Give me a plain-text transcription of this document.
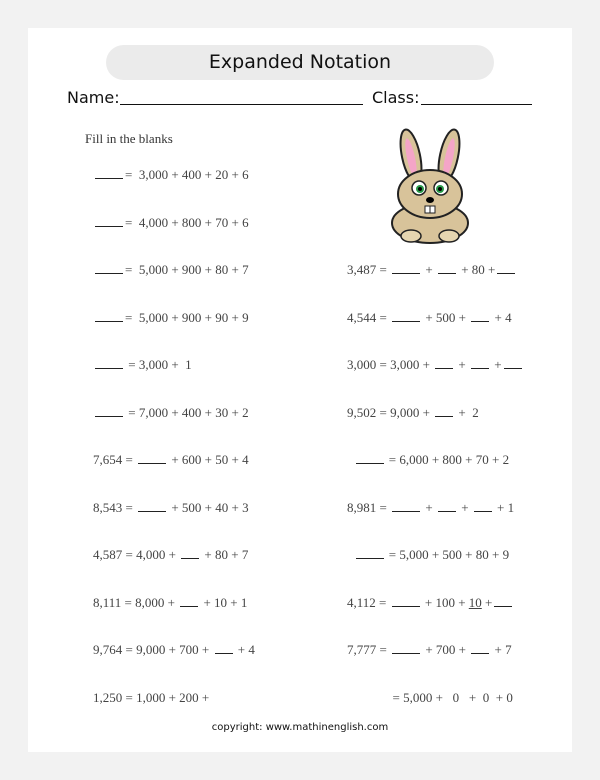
Expanded Notation
Name:	Class:
Fill in the blanks
=  3,000 + 400 + 20 + 6
=  4,000 + 800 + 70 + 6
=  5,000 + 900 + 80 + 7
=  5,000 + 900 + 90 + 9
= 3,000 +  1
= 7,000 + 400 + 30 + 2
7,654 =  + 600 + 50 + 4
8,543 =  + 500 + 40 + 3
4,587 = 4,000 +  + 80 + 7
8,111 = 8,000 +  + 10 + 1
9,764 = 9,000 + 700 +  + 4
1,250 = 1,000 + 200 +
3,487 =  +  + 80 +
4,544 =  + 500 +  + 4
3,000 = 3,000 +  +  +
9,502 = 9,000 +  +  2
= 6,000 + 800 + 70 + 2
8,981 =  +  +  + 1
= 5,000 + 500 + 80 + 9
4,112 =  + 100 + 10 +
7,777 =  + 700 +  + 7
= 5,000 +   0   +  0  + 0
copyright: www.mathinenglish.com
